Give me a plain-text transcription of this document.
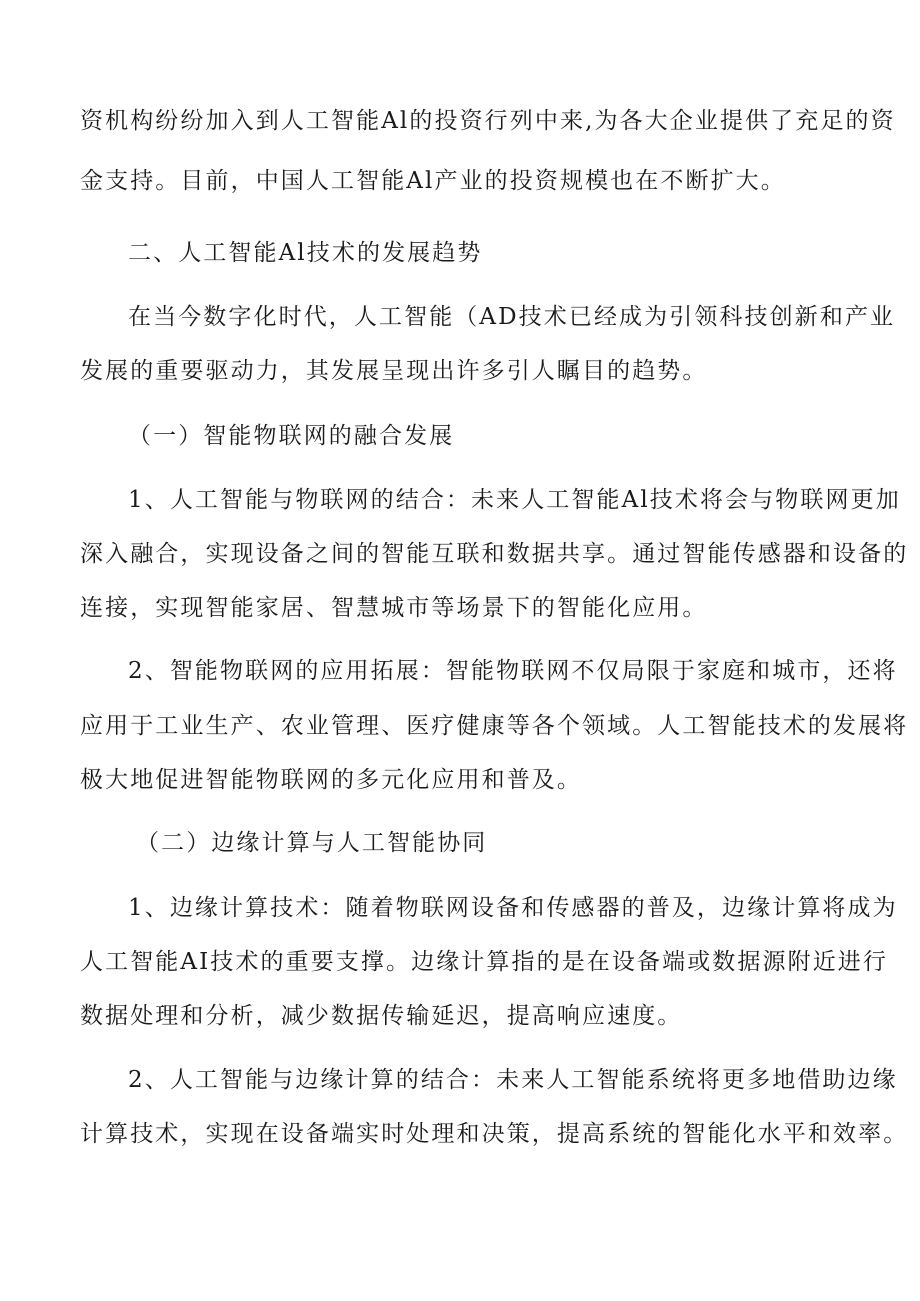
资机构纷纷加入到人工智能Al的投资行列中来,为各大企业提供了充足的资
金支持。目前，中国人工智能Al产业的投资规模也在不断扩大。
二、人工智能Al技术的发展趋势
在当今数字化时代，人工智能（AD技术已经成为引领科技创新和产业
发展的重要驱动力，其发展呈现出许多引人瞩目的趋势。
（一）智能物联网的融合发展
1、人工智能与物联网的结合：未来人工智能Al技术将会与物联网更加
深入融合，实现设备之间的智能互联和数据共享。通过智能传感器和设备的
连接，实现智能家居、智慧城市等场景下的智能化应用。
2、智能物联网的应用拓展：智能物联网不仅局限于家庭和城市，还将
应用于工业生产、农业管理、医疗健康等各个领域。人工智能技术的发展将
极大地促进智能物联网的多元化应用和普及。
（二）边缘计算与人工智能协同
1、边缘计算技术：随着物联网设备和传感器的普及，边缘计算将成为
人工智能AI技术的重要支撑。边缘计算指的是在设备端或数据源附近进行
数据处理和分析，减少数据传输延迟，提高响应速度。
2、人工智能与边缘计算的结合：未来人工智能系统将更多地借助边缘
计算技术，实现在设备端实时处理和决策，提高系统的智能化水平和效率。
